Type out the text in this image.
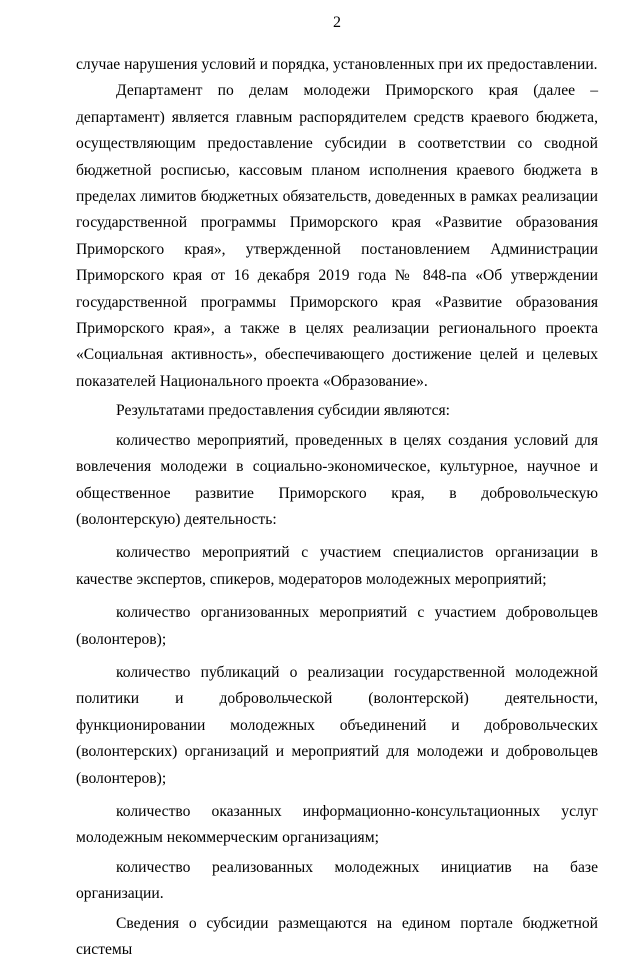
2

случае нарушения условий и порядка, установленных при их предоставлении.

Департамент по делам молодежи Приморского края (далее – департамент) является главным распорядителем средств краевого бюджета, осуществляющим предоставление субсидии в соответствии со сводной бюджетной росписью, кассовым планом исполнения краевого бюджета в пределах лимитов бюджетных обязательств, доведенных в рамках реализации государственной программы Приморского края «Развитие образования Приморского края», утвержденной постановлением Администрации Приморского края от 16 декабря 2019 года № 848-па «Об утверждении государственной программы Приморского края «Развитие образования Приморского края», а также в целях реализации регионального проекта «Социальная активность», обеспечивающего достижение целей и целевых показателей Национального проекта «Образование».

Результатами предоставления субсидии являются:

количество мероприятий, проведенных в целях создания условий для вовлечения молодежи в социально-экономическое, культурное, научное и общественное развитие Приморского края, в добровольческую (волонтерскую) деятельность:

количество мероприятий с участием специалистов организации в качестве экспертов, спикеров, модераторов молодежных мероприятий;

количество организованных мероприятий с участием добровольцев (волонтеров);

количество публикаций о реализации государственной молодежной политики и добровольческой (волонтерской) деятельности, функционировании молодежных объединений и добровольческих (волонтерских) организаций и мероприятий для молодежи и добровольцев (волонтеров);

количество оказанных информационно-консультационных услуг молодежным некоммерческим организациям;

количество реализованных молодежных инициатив на базе организации.

Сведения о субсидии размещаются на едином портале бюджетной системы
